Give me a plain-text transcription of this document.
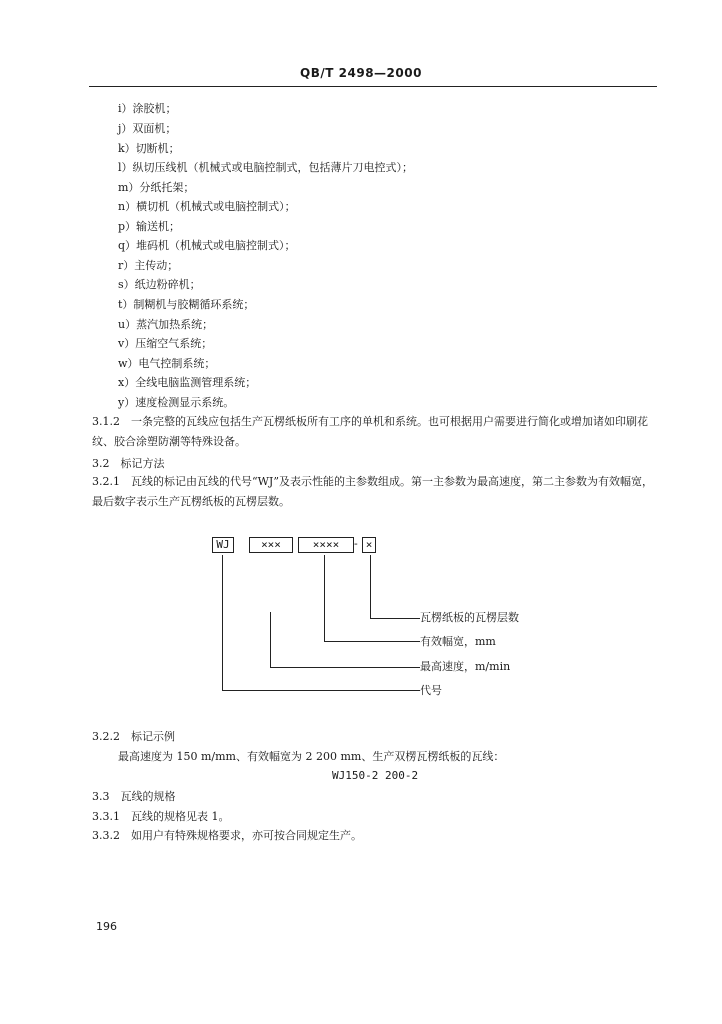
QB/T 2498—2000
i）涂胶机；
j）双面机；
k）切断机；
l）纵切压线机（机械式或电脑控制式，包括薄片刀电控式）；
m）分纸托架；
n）横切机（机械式或电脑控制式）；
p）输送机；
q）堆码机（机械式或电脑控制式）；
r）主传动；
s）纸边粉碎机；
t）制糊机与胶糊循环系统；
u）蒸汽加热系统；
v）压缩空气系统；
w）电气控制系统；
x）全线电脑监测管理系统；
y）速度检测显示系统。
3.1.2　一条完整的瓦线应包括生产瓦楞纸板所有工序的单机和系统。也可根据用户需要进行简化或增加诸如印刷花纹、胶合涂塑防潮等特殊设备。
3.2　标记方法
3.2.1　瓦线的标记由瓦线的代号“WJ”及表示性能的主参数组成。第一主参数为最高速度，第二主参数为有效幅宽，最后数字表示生产瓦楞纸板的瓦楞层数。
WJ	×××	××××	- ×
瓦楞纸板的瓦楞层数
有效幅宽，mm
最高速度，m/min
代号
3.2.2　标记示例
最高速度为 150 m/mm、有效幅宽为 2 200 mm、生产双楞瓦楞纸板的瓦线：
WJ150-2 200-2
3.3　瓦线的规格
3.3.1　瓦线的规格见表 1。
3.3.2　如用户有特殊规格要求，亦可按合同规定生产。
196
